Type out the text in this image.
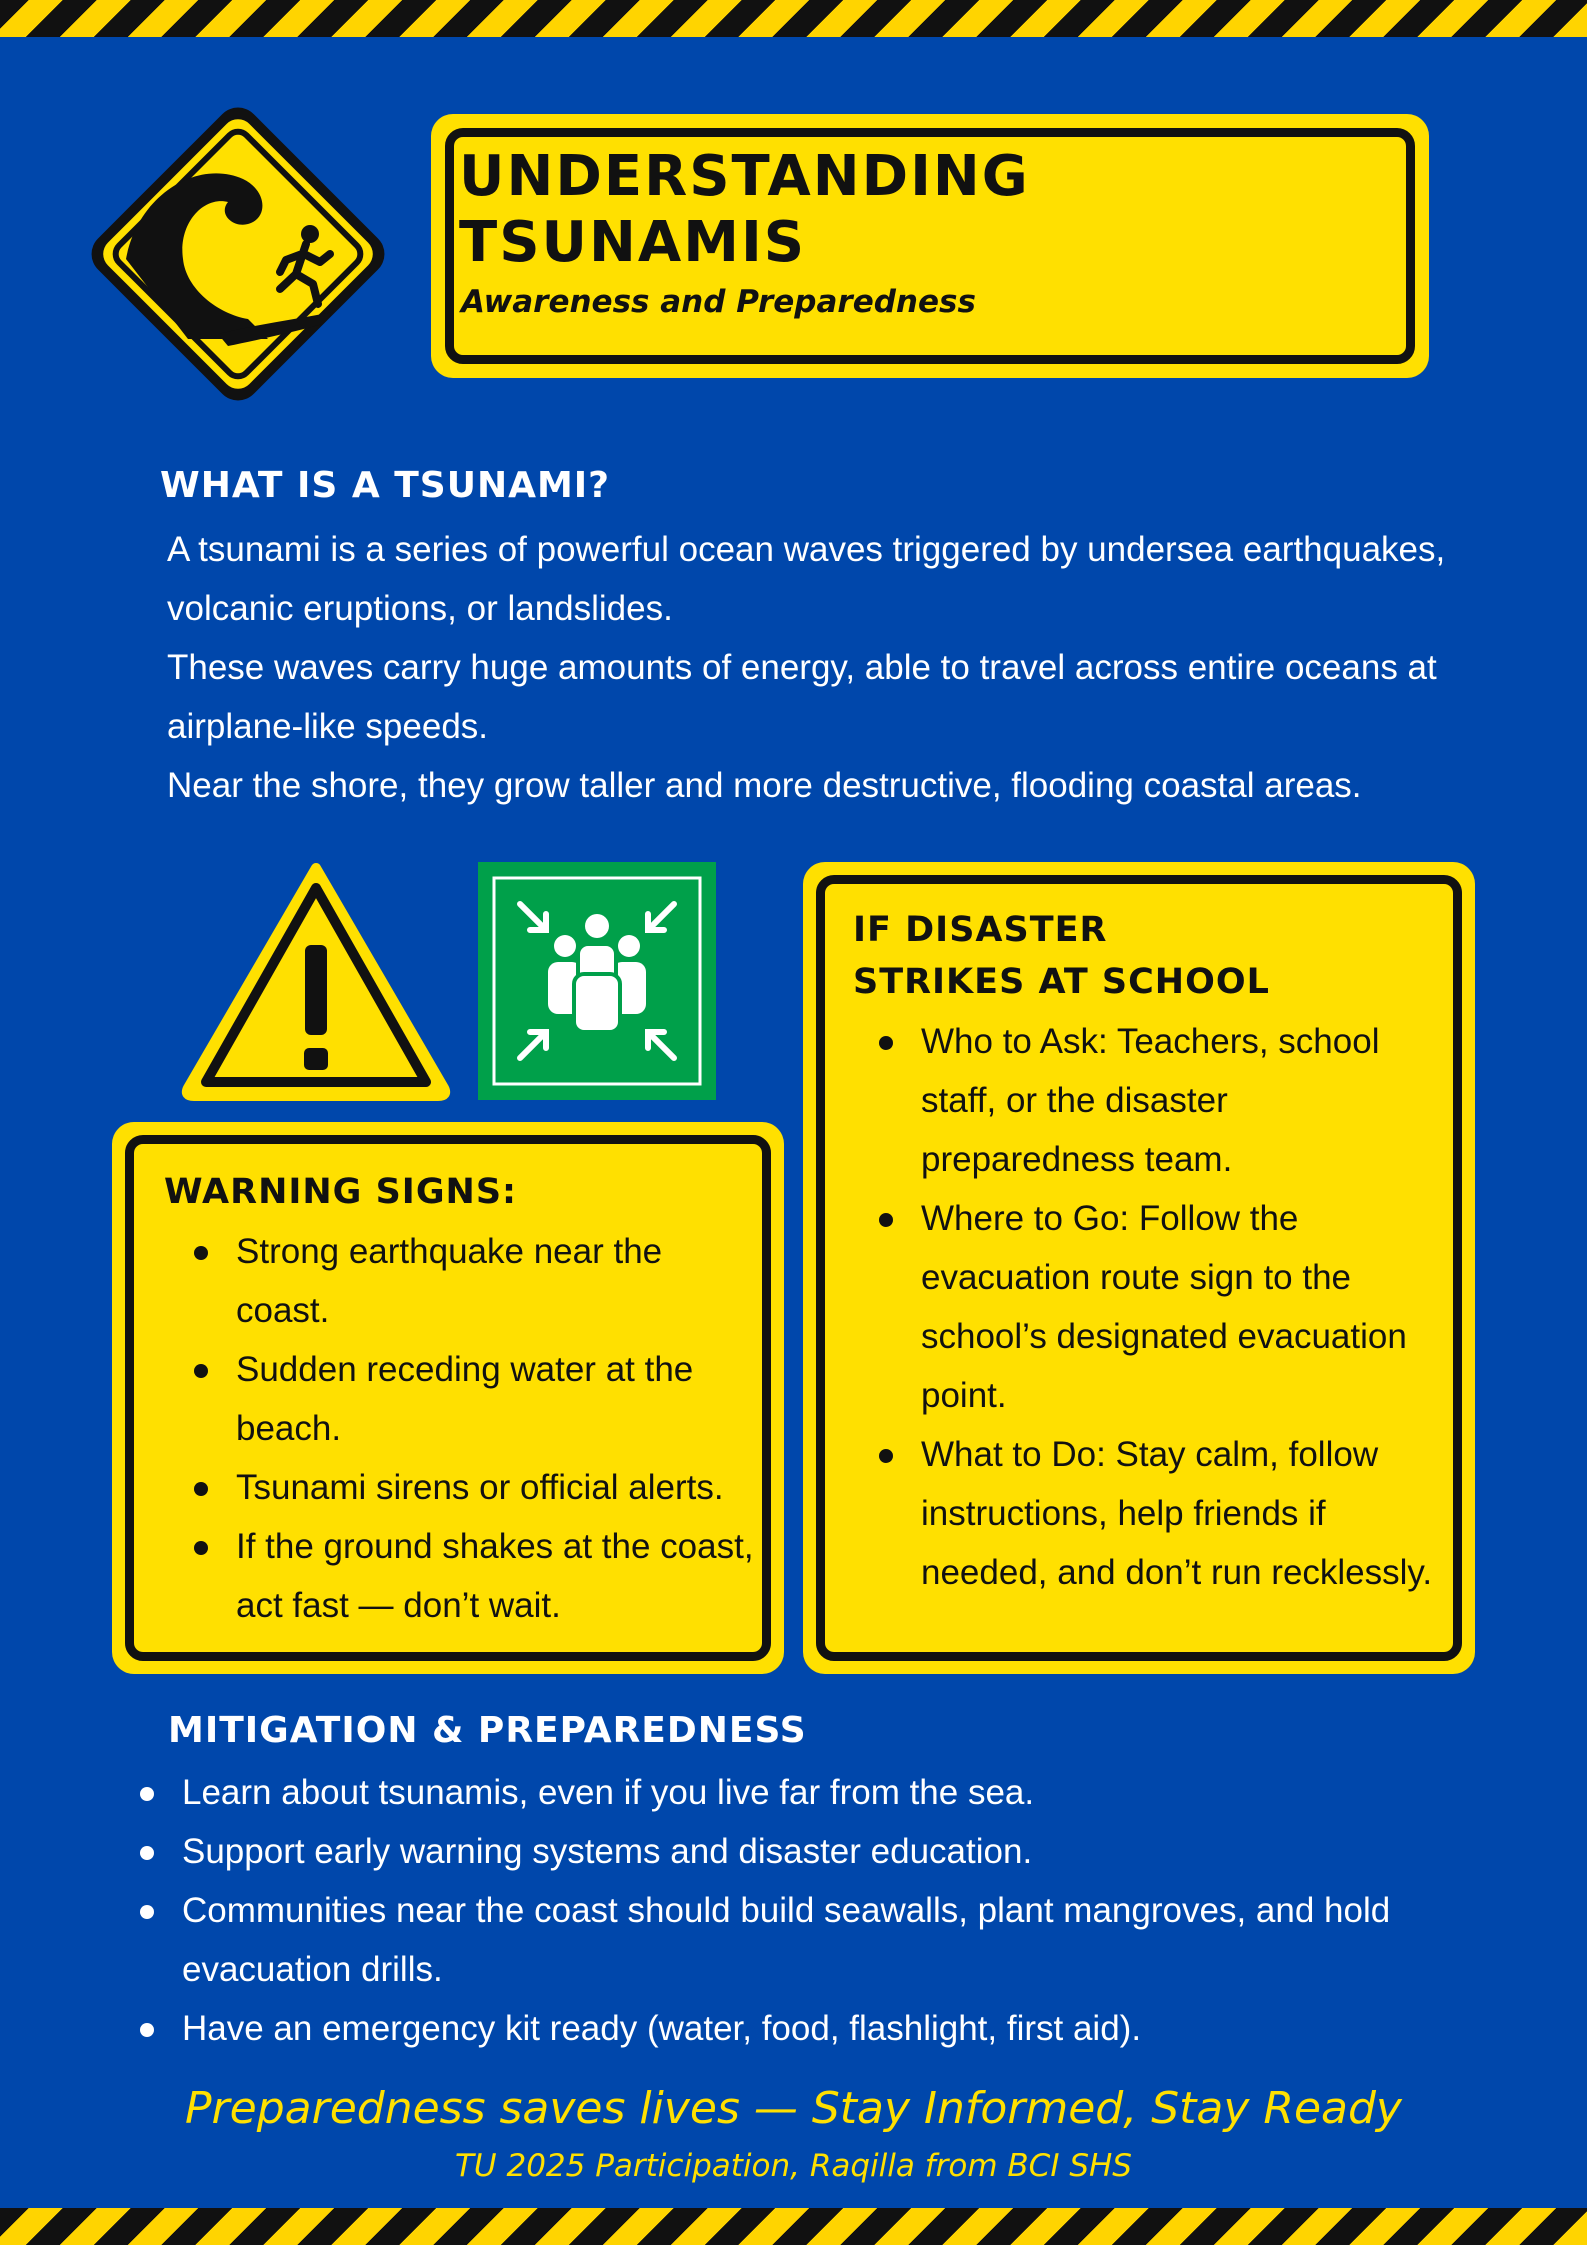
UNDERSTANDING TSUNAMIS
Awareness and Preparedness
WHAT IS A TSUNAMI?

A tsunami is a series of powerful ocean waves triggered by undersea earthquakes, volcanic eruptions, or landslides.

These waves carry huge amounts of energy, able to travel across entire oceans at airplane-like speeds.

Near the shore, they grow taller and more destructive, flooding coastal areas.

WARNING SIGNS:
Strong earthquake near the coast.
Sudden receding water at the beach.
Tsunami sirens or official alerts.
If the ground shakes at the coast, act fast — don’t wait.
IF DISASTER
STRIKES AT SCHOOL
Who to Ask: Teachers, school staff, or the disaster preparedness team.
Where to Go: Follow the evacuation route sign to the school’s designated evacuation point.
What to Do: Stay calm, follow instructions, help friends if needed, and don’t run recklessly.
MITIGATION & PREPAREDNESS
Learn about tsunamis, even if you live far from the sea.
Support early warning systems and disaster education.
Communities near the coast should build seawalls, plant mangroves, and hold evacuation drills.
Have an emergency kit ready (water, food, flashlight, first aid).
Preparedness saves lives — Stay Informed, Stay Ready
TU 2025 Participation, Raqilla from BCI SHS
